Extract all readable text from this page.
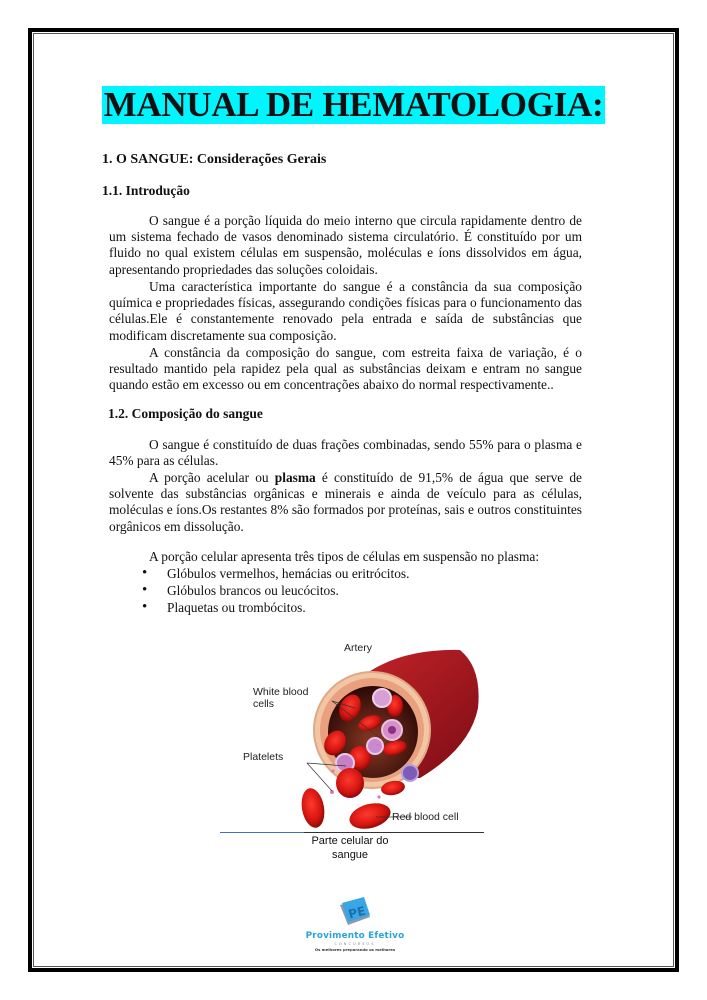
MANUAL DE HEMATOLOGIA:
1. O SANGUE: Considerações Gerais
1.1. Introdução
O sangue é a porção líquida do meio interno que circula rapidamente dentro de um sistema fechado de vasos denominado sistema circulatório. É constituído por um fluido no qual existem células em suspensão, moléculas e íons dissolvidos em água, apresentando propriedades das soluções coloidais.
Uma característica importante do sangue é a constância da sua composição química e propriedades físicas, assegurando condições físicas para o funcionamento das células.Ele é constantemente renovado pela entrada e saída de substâncias que modificam discretamente sua composição.
A constância da composição do sangue, com estreita faixa de variação, é o resultado mantido pela rapidez pela qual as substâncias deixam e entram no sangue quando estão em excesso ou em concentrações abaixo do normal respectivamente..
1.2. Composição do sangue
O sangue é constituído de duas frações combinadas, sendo 55% para o plasma e 45% para as células.
A porção acelular ou plasma é constituído de 91,5% de água que serve de solvente das substâncias orgânicas e minerais e ainda de veículo para as células, moléculas e íons.Os restantes 8% são formados por proteínas, sais e outros constituintes orgânicos em dissolução.
A porção celular apresenta três tipos de células em suspensão no plasma:
• Glóbulos vermelhos, hemácias ou eritrócitos.
• Glóbulos brancos ou leucócitos.
• Plaquetas ou trombócitos.
Artery
White blood
cells
Platelets
Red blood cell
Parte celular do
sangue
PE
Provimento Efetivo
CONCURSOS
Os melhores preparando os melhores
